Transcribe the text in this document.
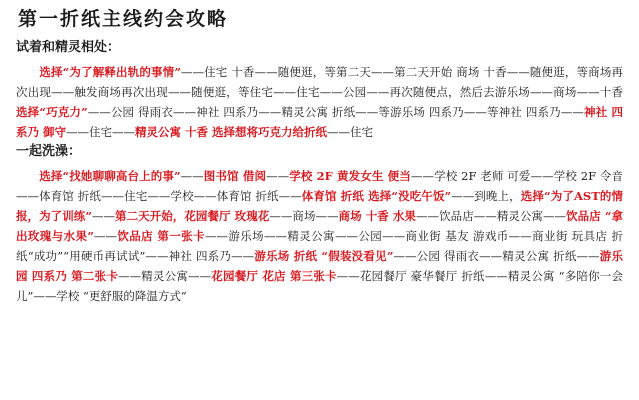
第一折纸主线约会攻略
试着和精灵相处：
　　选择“为了解释出轨的事情”——住宅 十香——随便逛，等第二天——第二天开始 商场 十香——随便逛，等商场再次出现——触发商场再次出现——随便逛，等住宅——住宅——公园——再次随便点，然后去游乐场——商场——十香 选择“巧克力”——公园 得雨衣——神社 四系乃——精灵公寓 折纸——等游乐场 四系乃——等神社 四系乃——神社 四系乃 御守——住宅——精灵公寓 十香 选择想将巧克力给折纸——住宅
一起洗澡：
　　选择“找她聊聊高台上的事”——图书馆 借阅——学校 2F 黄发女生 便当——学校 2F 老师 可爱——学校 2F 令音——体育馆 折纸——住宅——学校——体育馆 折纸——体育馆 折纸 选择“没吃午饭”——到晚上，选择“为了AST的情报，为了训练”——第二天开始，花园餐厅 玫瑰花——商场——商场 十香 水果——饮品店——精灵公寓——饮品店 “拿出玫瑰与水果”——饮品店 第一张卡——游乐场——精灵公寓——公园——商业街 基友 游戏币——商业街 玩具店 折纸“成功”“用硬币再试试”——神社 四系乃——游乐场 折纸 “假装没看见”——公园 得雨衣——精灵公寓 折纸——游乐园 四系乃 第二张卡——精灵公寓——花园餐厅 花店 第三张卡——花园餐厅 豪华餐厅 折纸——精灵公寓 “多陪你一会儿”——学校 “更舒服的降温方式”
